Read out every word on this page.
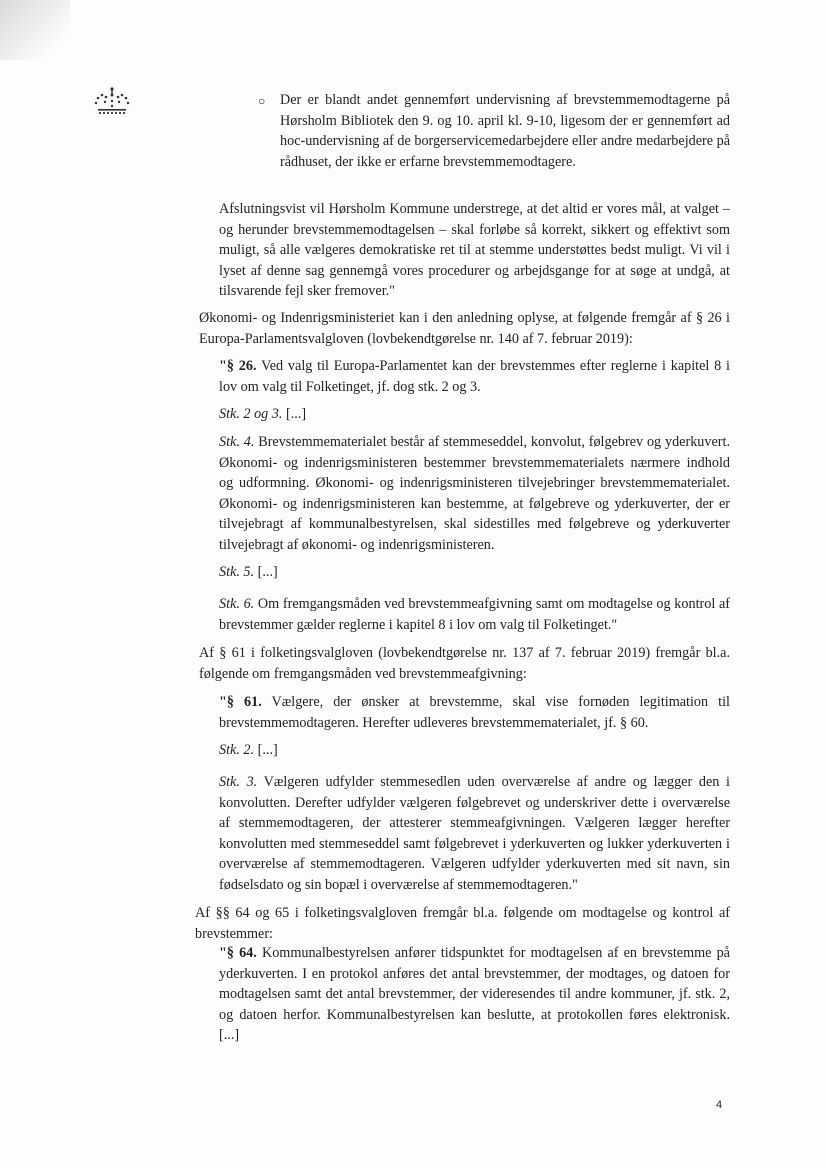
○ Der er blandt andet gennemført undervisning af brevstemmemodtagerne på Hørsholm Bibliotek den 9. og 10. april kl. 9-10, ligesom der er gennemført ad hoc-undervisning af de borgerservicemedarbejdere eller andre medarbejdere på rådhuset, der ikke er erfarne brevstemmemodtagere.

Afslutningsvist vil Hørsholm Kommune understrege, at det altid er vores mål, at valget – og herunder brevstemmemodtagelsen – skal forløbe så korrekt, sikkert og effektivt som muligt, så alle vælgeres demokratiske ret til at stemme understøttes bedst muligt. Vi vil i lyset af denne sag gennemgå vores procedurer og arbejdsgange for at søge at undgå, at tilsvarende fejl sker fremover."

Økonomi- og Indenrigsministeriet kan i den anledning oplyse, at følgende fremgår af § 26 i Europa-Parlamentsvalgloven (lovbekendtgørelse nr. 140 af 7. februar 2019):

"§ 26. Ved valg til Europa-Parlamentet kan der brevstemmes efter reglerne i kapitel 8 i lov om valg til Folketinget, jf. dog stk. 2 og 3.

Stk. 2 og 3. [...]

Stk. 4. Brevstemmematerialet består af stemmeseddel, konvolut, følgebrev og yderkuvert. Økonomi- og indenrigsministeren bestemmer brevstemmematerialets nærmere indhold og udformning. Økonomi- og indenrigsministeren tilvejebringer brevstemmematerialet. Økonomi- og indenrigsministeren kan bestemme, at følgebreve og yderkuverter, der er tilvejebragt af kommunalbestyrelsen, skal sidestilles med følgebreve og yderkuverter tilvejebragt af økonomi- og indenrigsministeren.

Stk. 5. [...]

Stk. 6. Om fremgangsmåden ved brevstemmeafgivning samt om modtagelse og kontrol af brevstemmer gælder reglerne i kapitel 8 i lov om valg til Folketinget."

Af § 61 i folketingsvalgloven (lovbekendtgørelse nr. 137 af 7. februar 2019) fremgår bl.a. følgende om fremgangsmåden ved brevstemmeafgivning:

"§ 61. Vælgere, der ønsker at brevstemme, skal vise fornøden legitimation til brevstemmemodtageren. Herefter udleveres brevstemmematerialet, jf. § 60.

Stk. 2. [...]

Stk. 3. Vælgeren udfylder stemmesedlen uden overværelse af andre og lægger den i konvolutten. Derefter udfylder vælgeren følgebrevet og underskriver dette i overværelse af stemmemodtageren, der attesterer stemmeafgivningen. Vælgeren lægger herefter konvolutten med stemmeseddel samt følgebrevet i yderkuverten og lukker yderkuverten i overværelse af stemmemodtageren. Vælgeren udfylder yderkuverten med sit navn, sin fødselsdato og sin bopæl i overværelse af stemmemodtageren."

Af §§ 64 og 65 i folketingsvalgloven fremgår bl.a. følgende om modtagelse og kontrol af brevstemmer:

"§ 64. Kommunalbestyrelsen anfører tidspunktet for modtagelsen af en brevstemme på yderkuverten. I en protokol anføres det antal brevstemmer, der modtages, og datoen for modtagelsen samt det antal brevstemmer, der videresendes til andre kommuner, jf. stk. 2, og datoen herfor. Kommunalbestyrelsen kan beslutte, at protokollen føres elektronisk. [...]

4
